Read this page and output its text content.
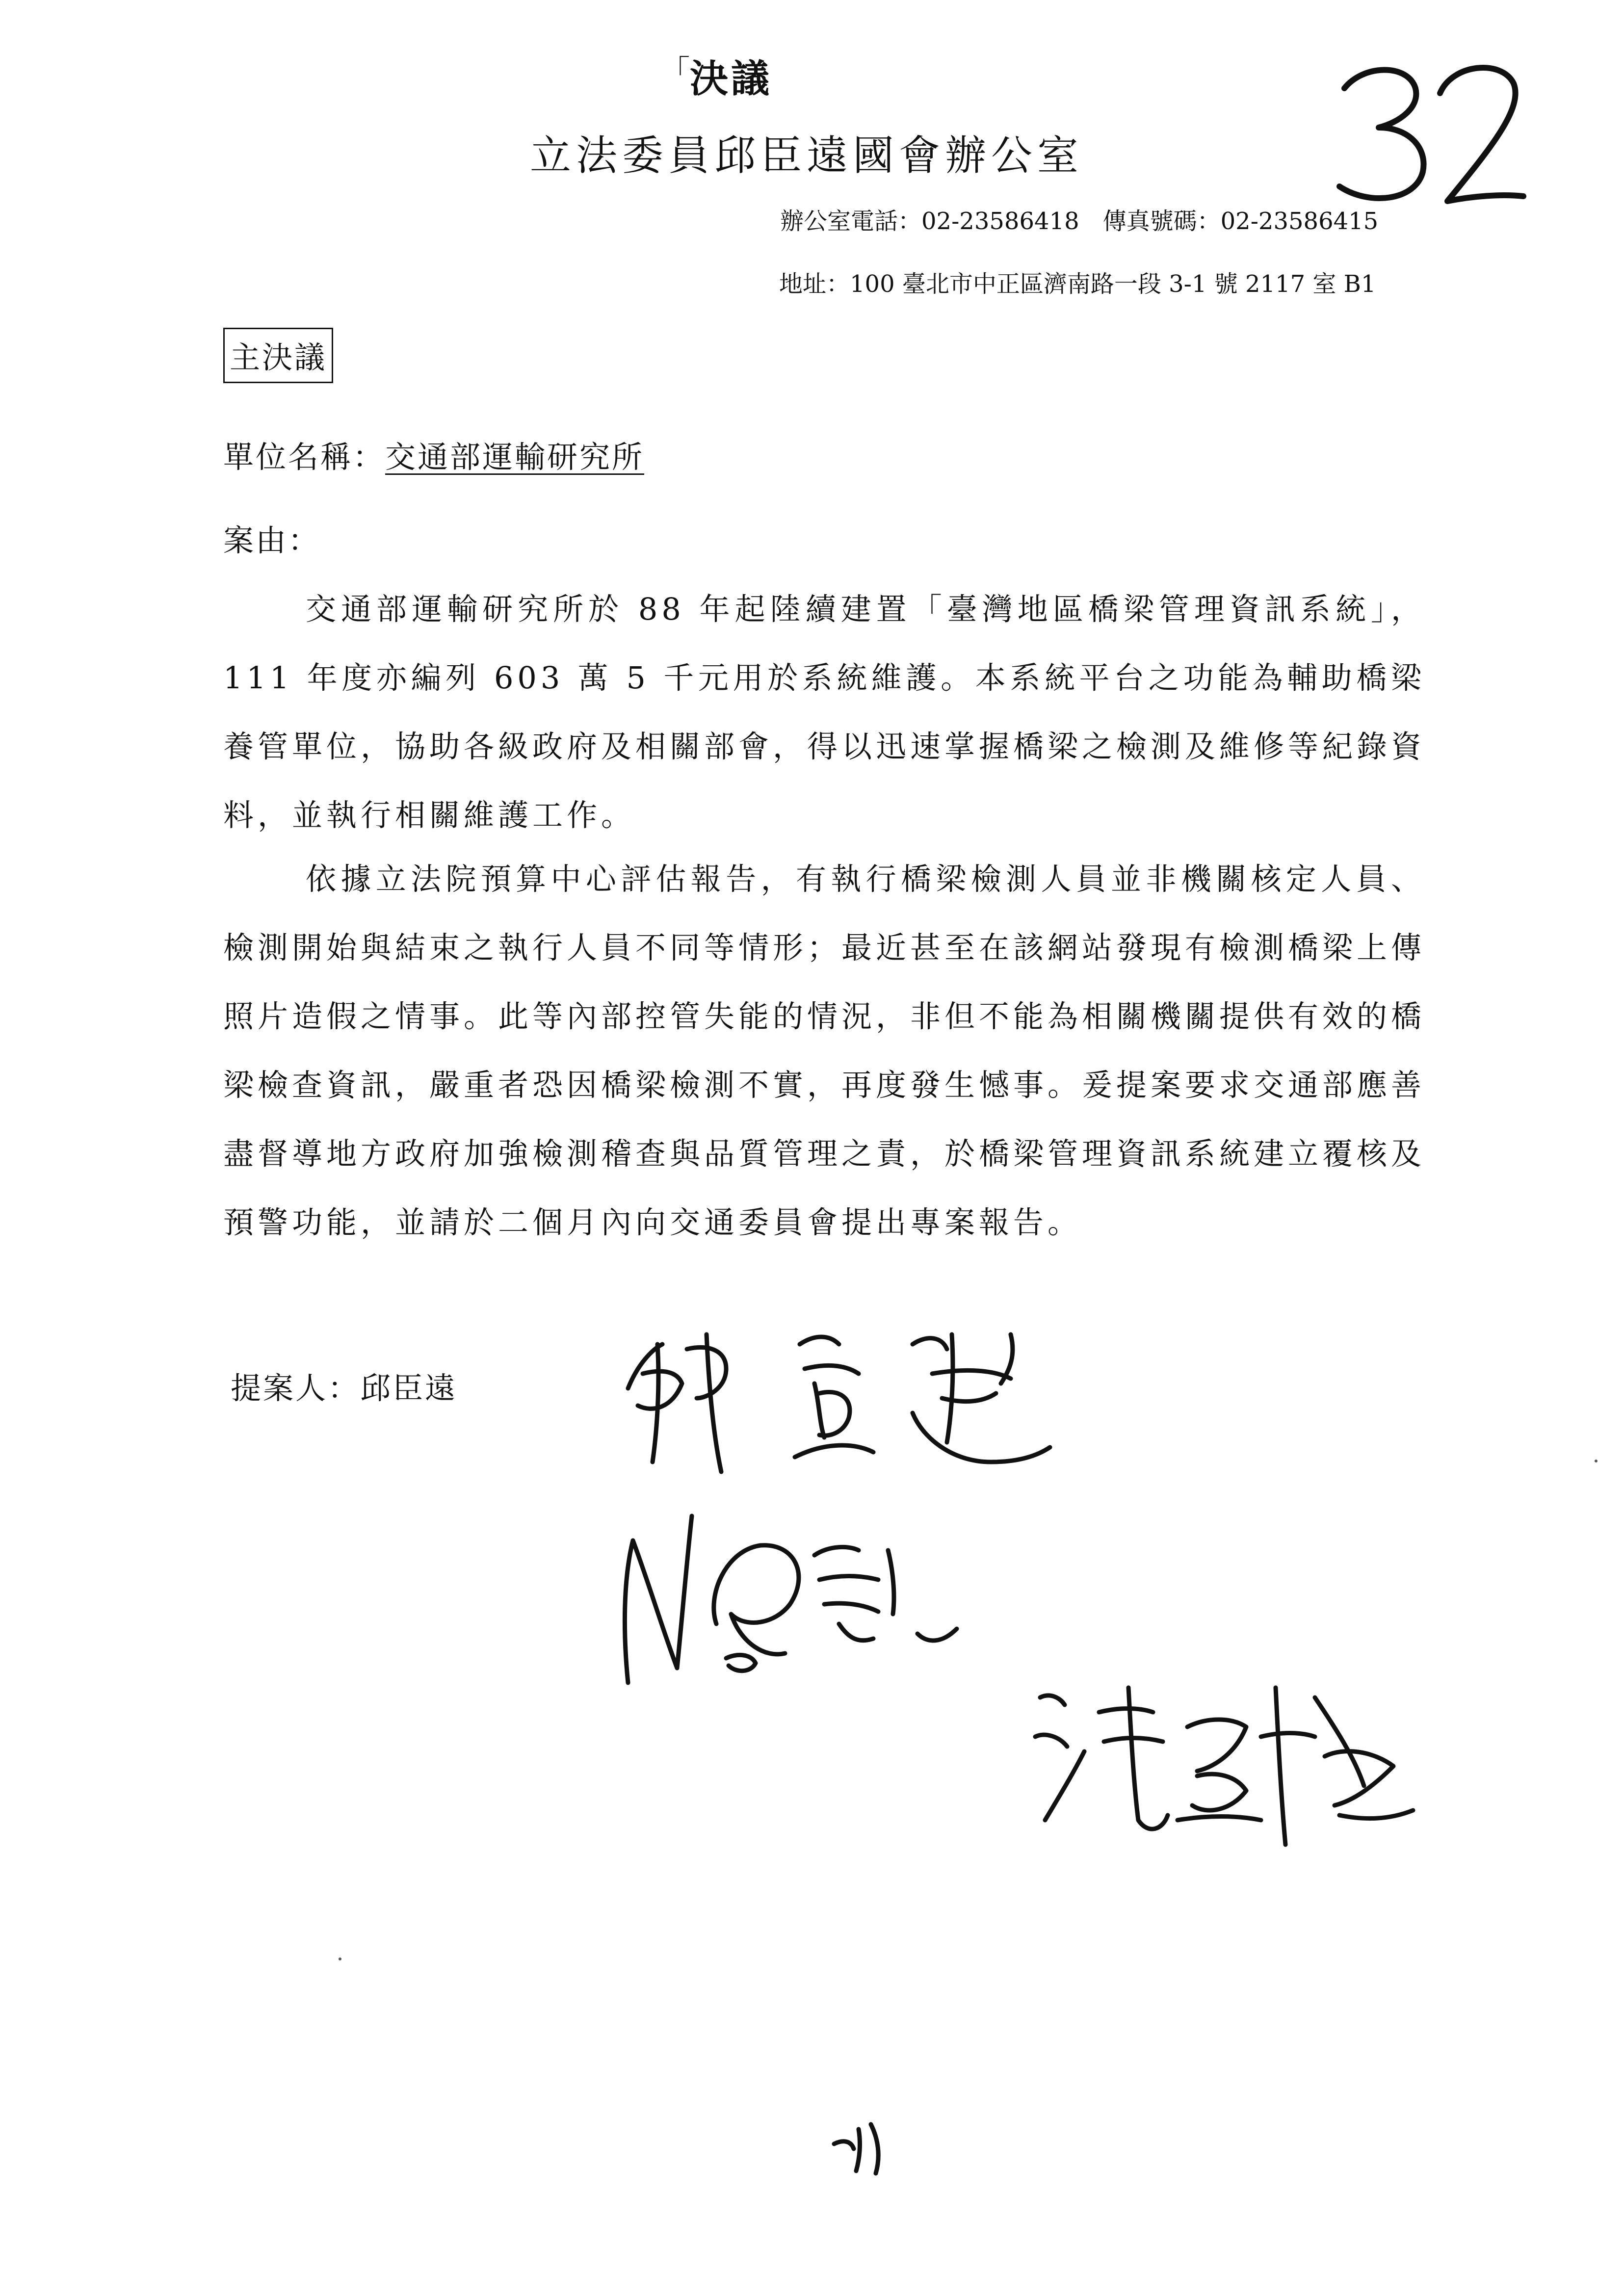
「決議
立法委員邱臣遠國會辦公室
32
辦公室電話：02-23586418　傳真號碼：02-23586415
地址：100 臺北市中正區濟南路一段 3-1 號 2117 室 B1
主決議
單位名稱：交通部運輸研究所
案由：

交通部運輸研究所於 88 年起陸續建置「臺灣地區橋梁管理資訊系統」，111 年度亦編列 603 萬 5 千元用於系統維護。本系統平台之功能為輔助橋梁養管單位，協助各級政府及相關部會，得以迅速掌握橋梁之檢測及維修等紀錄資料，並執行相關維護工作。

依據立法院預算中心評估報告，有執行橋梁檢測人員並非機關核定人員、檢測開始與結束之執行人員不同等情形；最近甚至在該網站發現有檢測橋梁上傳照片造假之情事。此等內部控管失能的情況，非但不能為相關機關提供有效的橋梁檢查資訊，嚴重者恐因橋梁檢測不實，再度發生憾事。爰提案要求交通部應善盡督導地方政府加強檢測稽查與品質管理之責，於橋梁管理資訊系統建立覆核及預警功能，並請於二個月內向交通委員會提出專案報告。

提案人：邱臣遠
